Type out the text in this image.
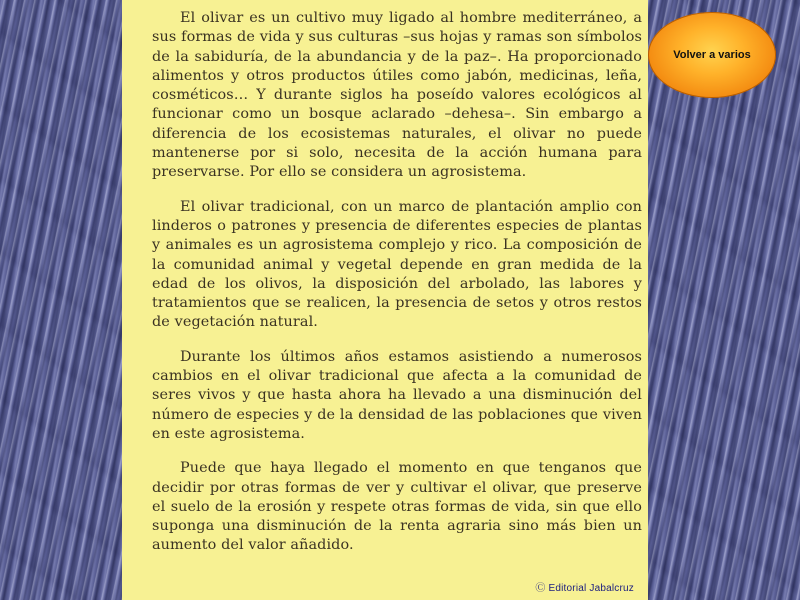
El olivar es un cultivo muy ligado al hombre mediterráneo, a sus formas de vida y sus culturas –sus hojas y ramas son símbolos de la sabiduría, de la abundancia y de la paz–. Ha proporcionado alimentos y otros productos útiles como jabón, medicinas, leña, cosméticos… Y durante siglos ha poseído valores ecológicos al funcionar como un bosque aclarado –dehesa–. Sin embargo a diferencia de los ecosistemas naturales, el olivar no puede mantenerse por si solo, necesita de la acción humana para preservarse. Por ello se considera un agrosistema.

El olivar tradicional, con un marco de plantación amplio con linderos o patrones y presencia de diferentes especies de plantas y animales es un agrosistema complejo y rico. La composición de la comunidad animal y vegetal depende en gran medida de la edad de los olivos, la disposición del arbolado, las labores y tratamientos que se realicen, la presencia de setos y otros restos de vegetación natural.

Durante los últimos años estamos asistiendo a numerosos cambios en el olivar tradicional que afecta a la comunidad de seres vivos y que hasta ahora ha llevado a una disminución del número de especies y de la densidad de las poblaciones que viven en este agrosistema.

Puede que haya llegado el momento en que tenganos que decidir por otras formas de ver y cultivar el olivar, que preserve el suelo de la erosión y respete otras formas de vida, sin que ello suponga una disminución de la renta agraria sino más bien un aumento del valor añadido.

Ⓒ Editorial Jabalcruz
Volver a varios
